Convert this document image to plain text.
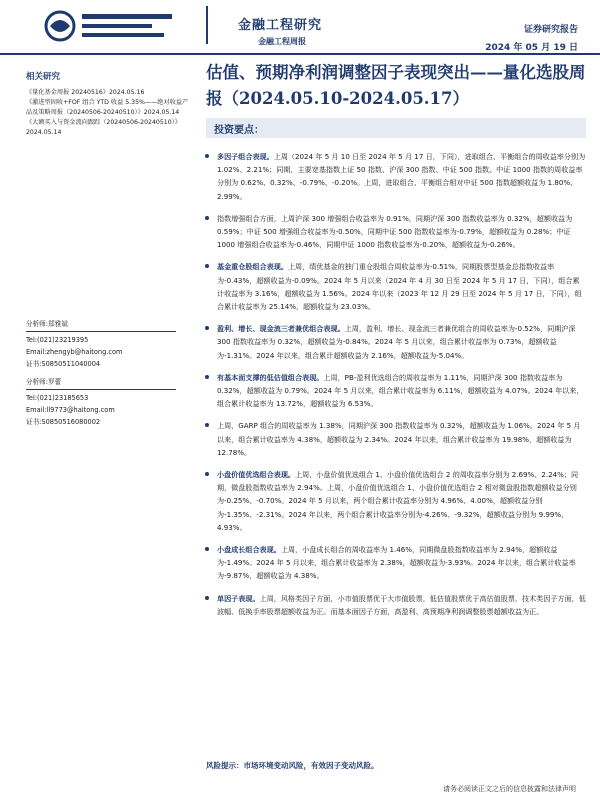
金融工程研究
金融工程周报
证券研究报告
2024 年 05 月 19 日
估值、预期净利润调整因子表现突出——量化选股周报（2024.05.10-2024.05.17）
投资要点：
相关研究
《量化基金周报 20240516》2024.05.16
《激进型固收+FOF 组合 YTD 收益 5.35%——绝对收益产品及策略周报（20240506-20240510）》2024.05.14
《大额买入与资金流向跟踪（20240506-20240510）》2024.05.14
分析师:郑雅斌
Tel:(021)23219395
Email:zhengyb@haitong.com
证书:S0850511040004
分析师:罗蕾
Tel:(021)23185653
Email:ll9773@haitong.com
证书:S0850516080002
多因子组合表现。上周（2024 年 5 月 10 日至 2024 年 5 月 17 日，下同），进取组合、平衡组合的周收益率分别为 1.02%、2.21%；同期，主要宽基指数上证 50 指数、沪深 300 指数、中证 500 指数、中证 1000 指数的周收益率分别为 0.62%、0.32%、-0.79%、-0.20%。上周，进取组合、平衡组合相对中证 500 指数超额收益为 1.80%、2.99%。
指数增强组合方面，上周沪深 300 增强组合收益率为 0.91%，同期沪深 300 指数收益率为 0.32%，超额收益为 0.59%；中证 500 增强组合收益率为-0.50%，同期中证 500 指数收益率为-0.79%，超额收益为 0.28%；中证 1000 增强组合收益率为-0.46%，同期中证 1000 指数收益率为-0.20%，超额收益为-0.26%。
基金重仓股组合表现。上周，绩优基金的独门重仓股组合周收益率为-0.51%，同期股票型基金总指数收益率为-0.43%，超额收益为-0.09%。2024 年 5 月以来（2024 年 4 月 30 日至 2024 年 5 月 17 日，下同），组合累计收益率为 3.16%，超额收益为 1.56%。2024 年以来（2023 年 12 月 29 日至 2024 年 5 月 17 日，下同），组合累计收益率为 25.14%，超额收益为 23.03%。
盈利、增长、现金流三者兼优组合表现。上周，盈利、增长、现金流三者兼优组合的周收益率为-0.52%，同期沪深 300 指数收益率为 0.32%，超额收益为-0.84%。2024 年 5 月以来，组合累计收益率为 0.73%，超额收益为-1.31%。2024 年以来，组合累计超额收益为 2.16%，超额收益为-5.04%。
有基本面支撑的低估值组合表现。上周，PB-盈利优选组合的周收益率为 1.11%，同期沪深 300 指数收益率为 0.32%，超额收益为 0.79%。2024 年 5 月以来，组合累计收益率为 6.11%，超额收益为 4.07%。2024 年以来，组合累计收益率为 13.72%，超额收益为 6.53%。
上周，GARP 组合的周收益率为 1.38%，同期沪深 300 指数收益率为 0.32%，超额收益为 1.06%。2024 年 5 月以来，组合累计收益率为 4.38%，超额收益为 2.34%。2024 年以来，组合累计收益率为 19.98%，超额收益为 12.78%。
小盘价值优选组合表现。上周，小盘价值优选组合 1、小盘价值优选组合 2 的周收益率分别为 2.69%、2.24%；同期，微盘股指数收益率为 2.94%。上周，小盘价值优选组合 1、小盘价值优选组合 2 相对微盘股指数超额收益分别为-0.25%、-0.70%。2024 年 5 月以来，两个组合累计收益率分别为 4.96%、4.00%，超额收益分别为-1.35%、-2.31%。2024 年以来，两个组合累计收益率分别为-4.26%、-9.32%，超额收益分别为 9.99%、4.93%。
小盘成长组合表现。上周，小盘成长组合的周收益率为 1.46%，同期微盘股指数收益率为 2.94%，超额收益为-1.49%。2024 年 5 月以来，组合累计收益率为 2.38%，超额收益为-3.93%。2024 年以来，组合累计收益率为-9.87%，超额收益为 4.38%。
单因子表现。上周，风格类因子方面，小市值股票优于大市值股票，低估值股票优于高估值股票，技术类因子方面，低波幅、低换手率股票超额收益为正。而基本面因子方面，高盈利、高预期净利润调整股票超额收益为正。
风险提示：市场环境变动风险，有效因子变动风险。
请务必阅读正文之后的信息披露和法律声明
